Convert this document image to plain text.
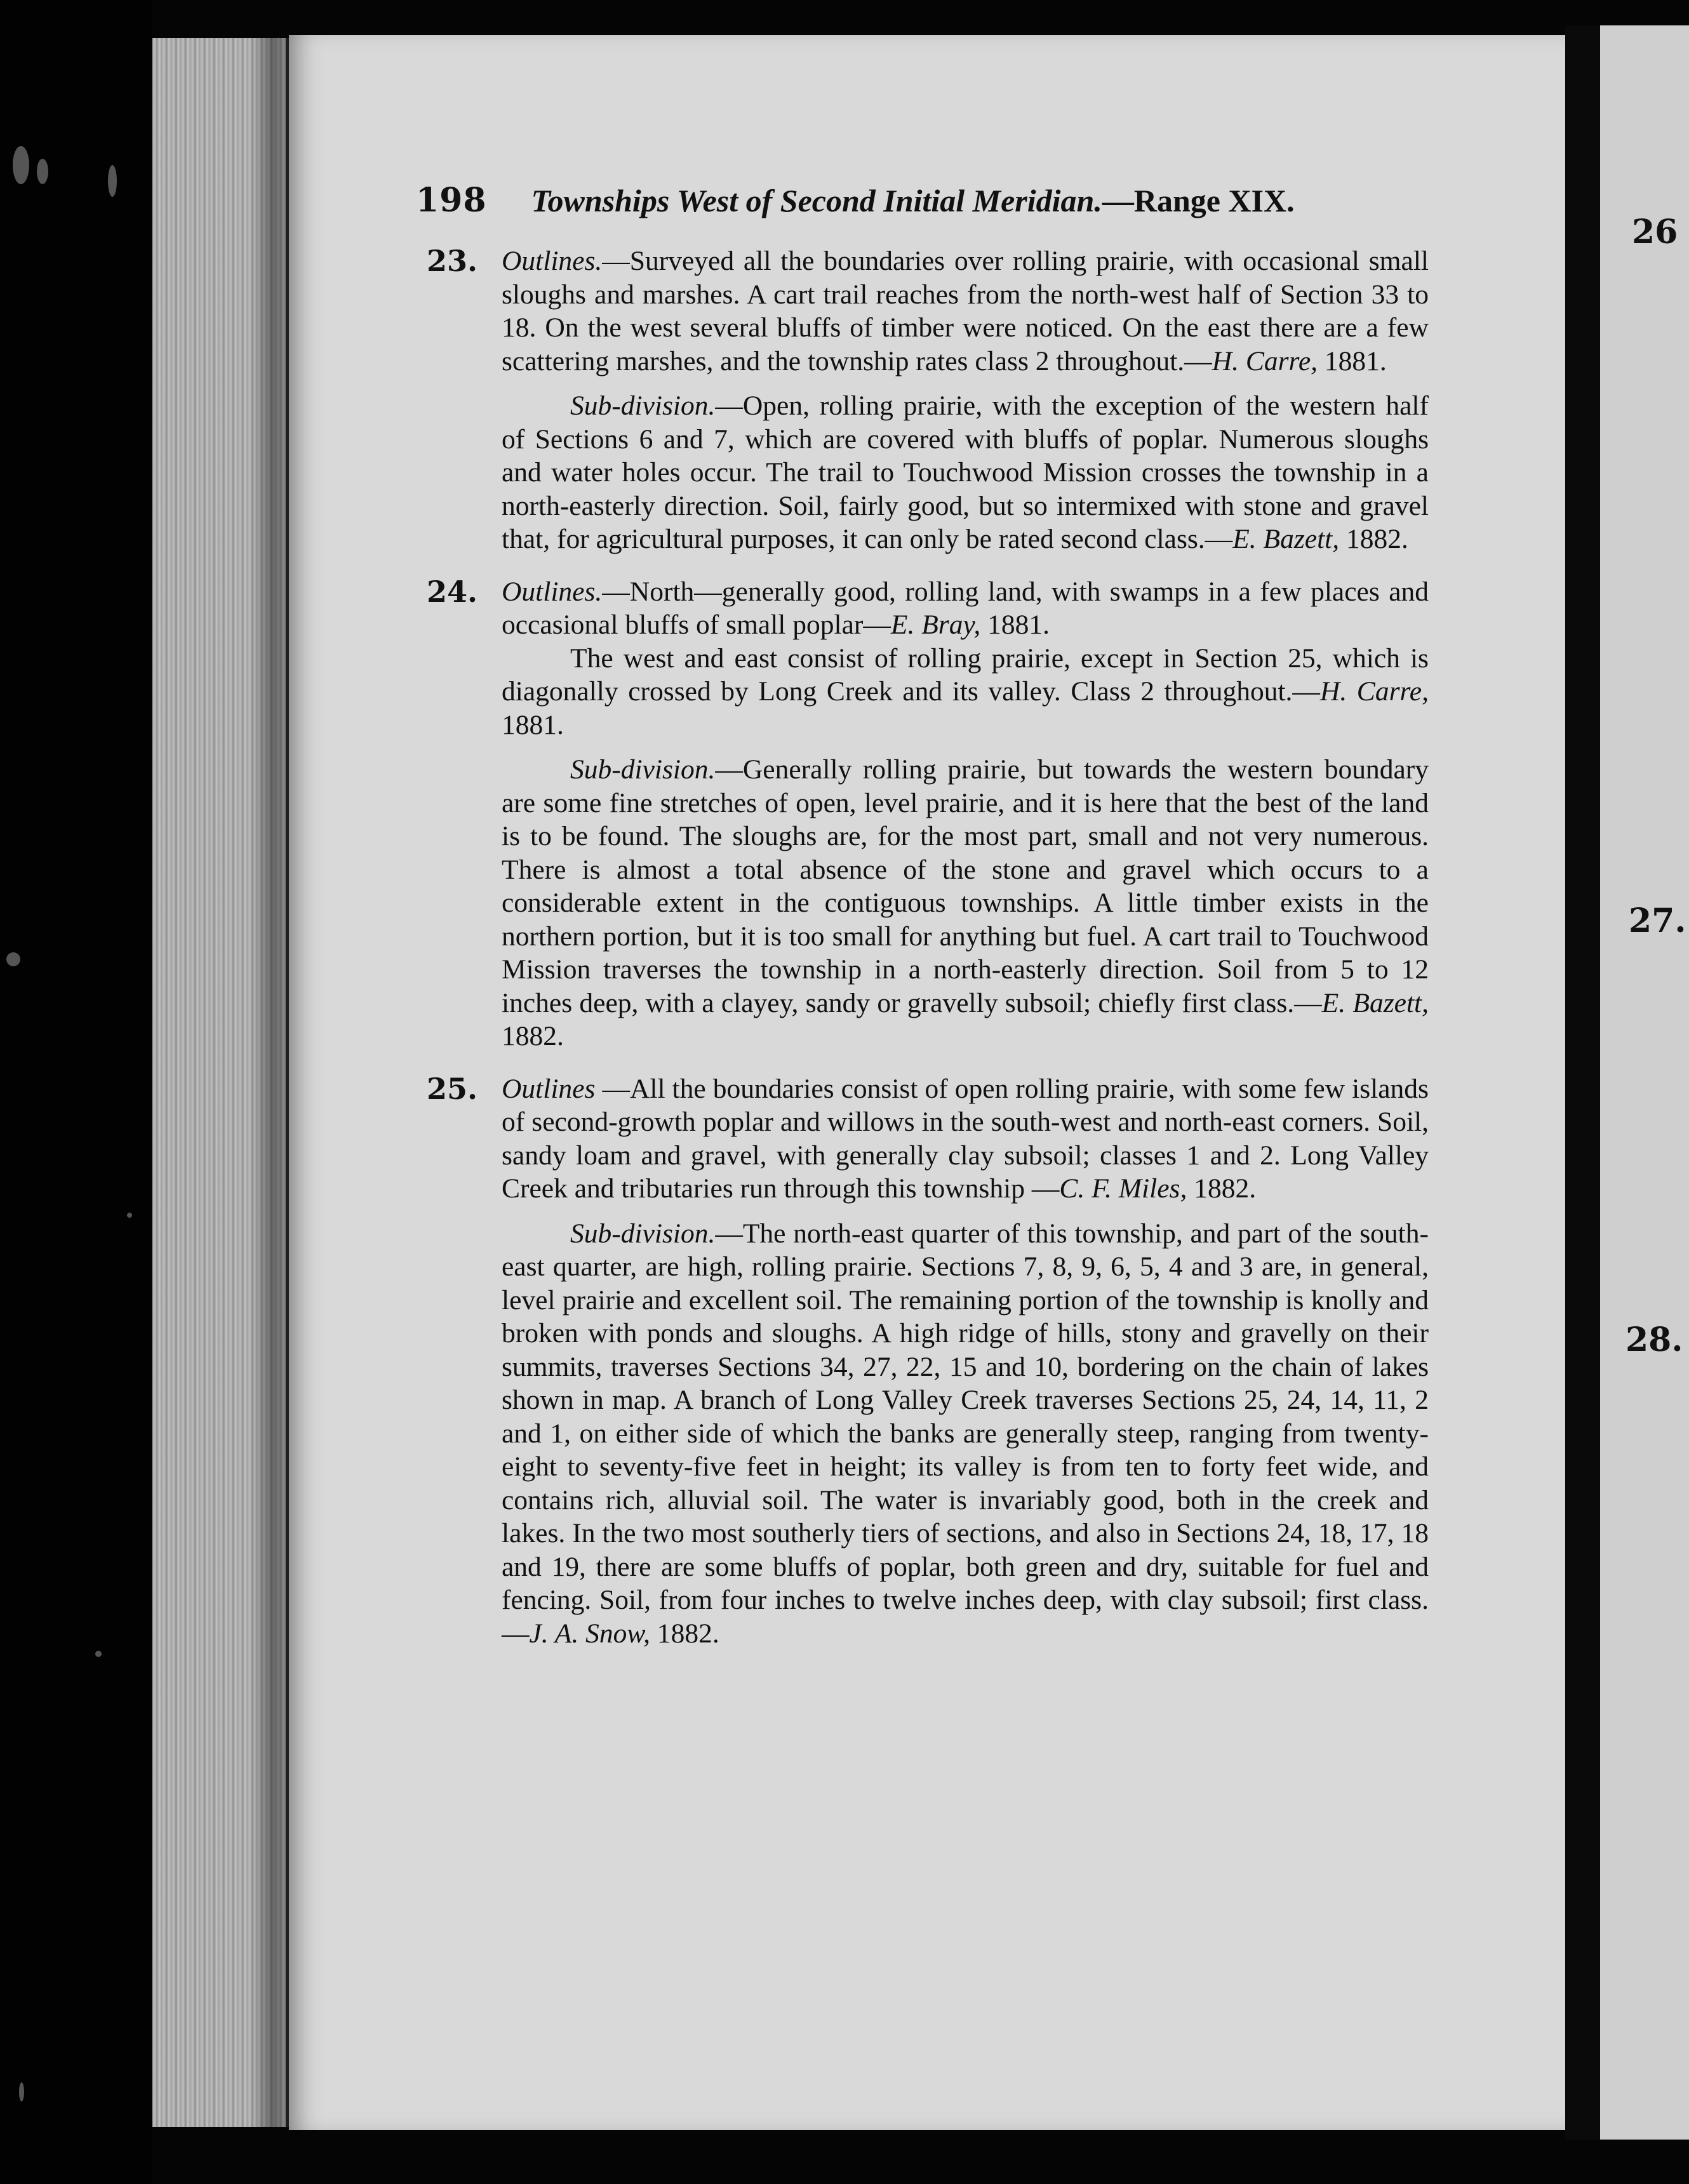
26
27.
28.
198 Townships West of Second Initial Meridian.—Range XIX.
23. Outlines.—Surveyed all the boundaries over rolling prairie, with occasional small sloughs and marshes. A cart trail reaches from the north-west half of Section 33 to 18. On the west several bluffs of timber were noticed. On the east there are a few scattering marshes, and the township rates class 2 throughout.—H. Carre, 1881.

Sub-division.—Open, rolling prairie, with the exception of the western half of Sections 6 and 7, which are covered with bluffs of poplar. Numerous sloughs and water holes occur. The trail to Touchwood Mission crosses the township in a north-easterly direction. Soil, fairly good, but so intermixed with stone and gravel that, for agricultural purposes, it can only be rated second class.—E. Bazett, 1882.

24. Outlines.—North—generally good, rolling land, with swamps in a few places and occasional bluffs of small poplar—E. Bray, 1881.

The west and east consist of rolling prairie, except in Section 25, which is diagonally crossed by Long Creek and its valley. Class 2 throughout.—H. Carre, 1881.

Sub-division.—Generally rolling prairie, but towards the western boundary are some fine stretches of open, level prairie, and it is here that the best of the land is to be found. The sloughs are, for the most part, small and not very numerous. There is almost a total absence of the stone and gravel which occurs to a considerable extent in the contiguous townships. A little timber exists in the northern portion, but it is too small for anything but fuel. A cart trail to Touchwood Mission traverses the township in a north-easterly direction. Soil from 5 to 12 inches deep, with a clayey, sandy or gravelly subsoil; chiefly first class.—E. Bazett, 1882.

25. Outlines —All the boundaries consist of open rolling prairie, with some few islands of second-growth poplar and willows in the south-west and north-east corners. Soil, sandy loam and gravel, with generally clay subsoil; classes 1 and 2. Long Valley Creek and tributaries run through this township —C. F. Miles, 1882.

Sub-division.—The north-east quarter of this township, and part of the south-east quarter, are high, rolling prairie. Sections 7, 8, 9, 6, 5, 4 and 3 are, in general, level prairie and excellent soil. The remaining portion of the township is knolly and broken with ponds and sloughs. A high ridge of hills, stony and gravelly on their summits, traverses Sections 34, 27, 22, 15 and 10, bordering on the chain of lakes shown in map. A branch of Long Valley Creek traverses Sections 25, 24, 14, 11, 2 and 1, on either side of which the banks are generally steep, ranging from twenty-eight to seventy-five feet in height; its valley is from ten to forty feet wide, and contains rich, alluvial soil. The water is invariably good, both in the creek and lakes. In the two most southerly tiers of sections, and also in Sections 24, 18, 17, 18 and 19, there are some bluffs of poplar, both green and dry, suitable for fuel and fencing. Soil, from four inches to twelve inches deep, with clay subsoil; first class.—J. A. Snow, 1882.
